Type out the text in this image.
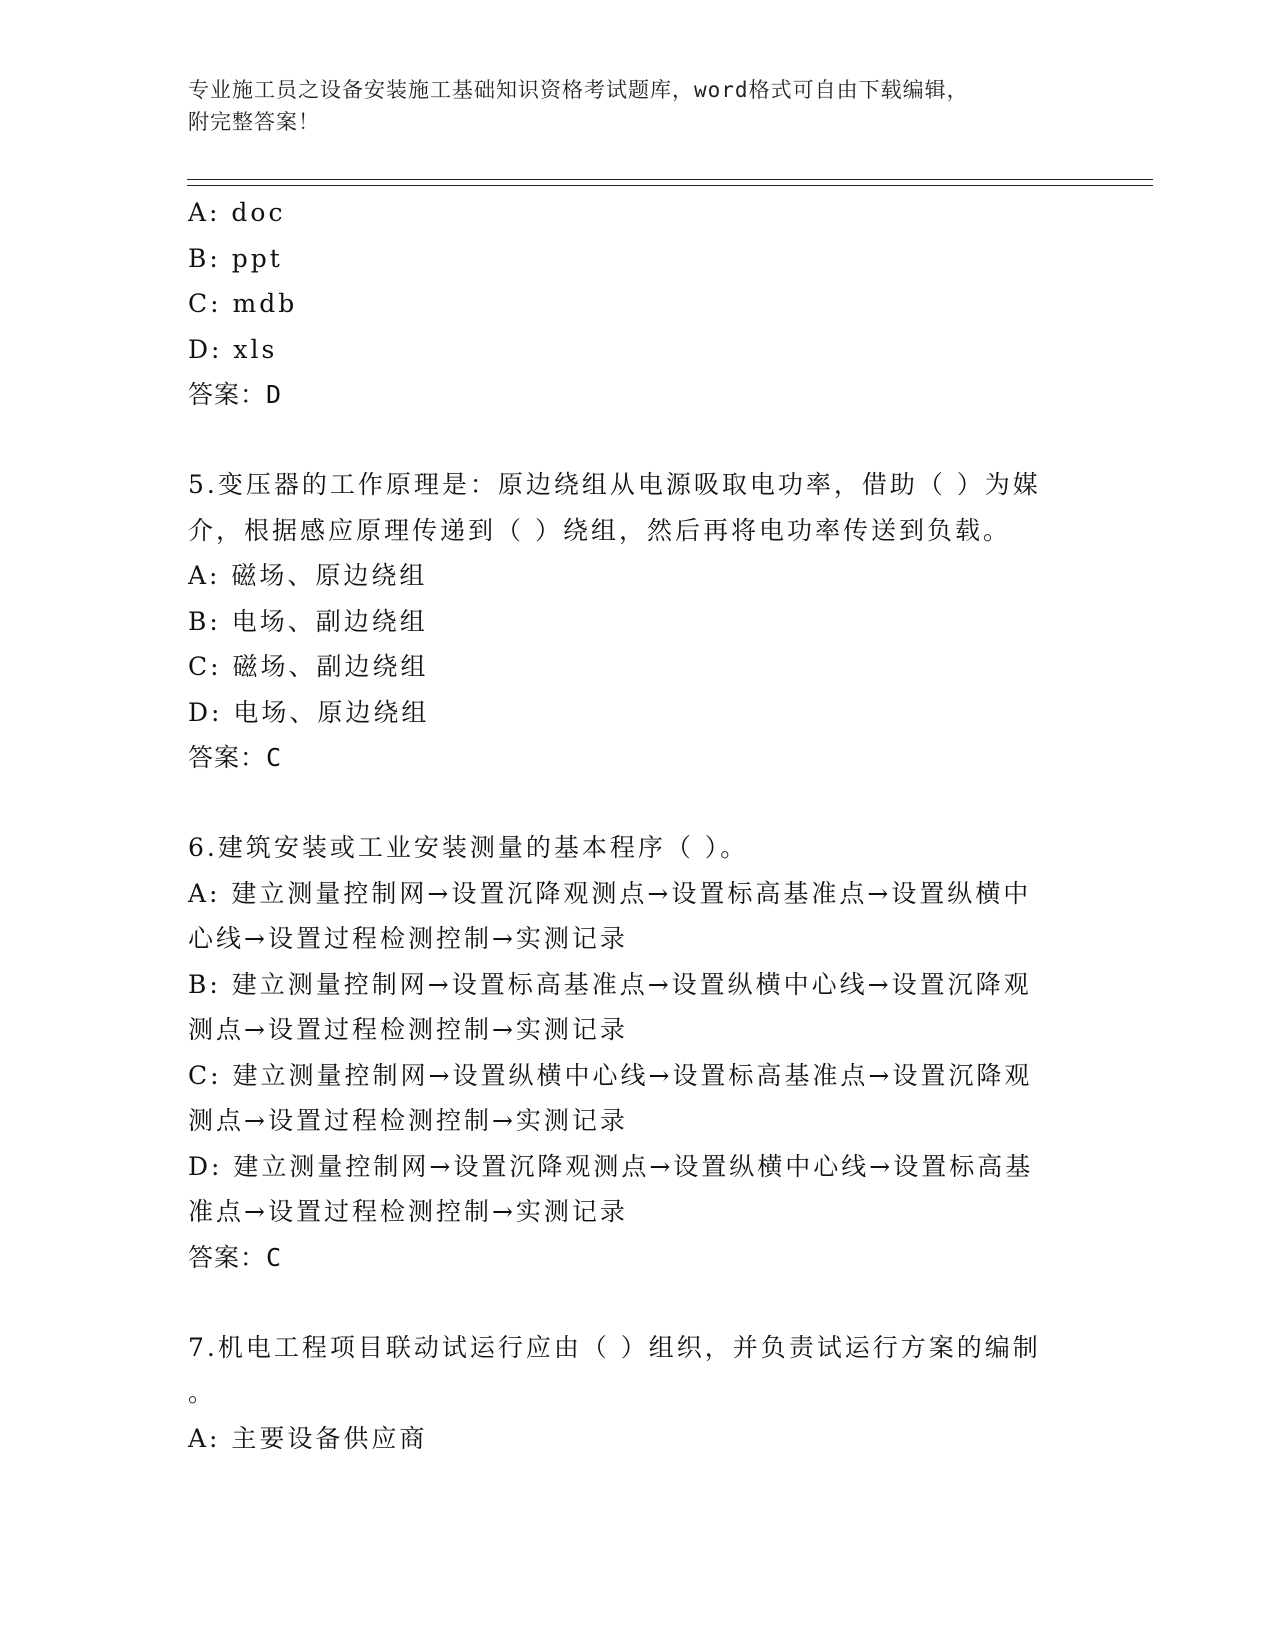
专业施工员之设备安装施工基础知识资格考试题库，word格式可自由下载编辑，
附完整答案！
A: doc
B: ppt
C: mdb
D: xls
答案：D
5.变压器的工作原理是：原边绕组从电源吸取电功率，借助（ ）为媒
介，根据感应原理传递到（ ）绕组，然后再将电功率传送到负载。
A: 磁场、原边绕组
B: 电场、副边绕组
C: 磁场、副边绕组
D: 电场、原边绕组
答案：C
6.建筑安装或工业安装测量的基本程序（ ）。
A: 建立测量控制网→设置沉降观测点→设置标高基准点→设置纵横中
心线→设置过程检测控制→实测记录
B: 建立测量控制网→设置标高基准点→设置纵横中心线→设置沉降观
测点→设置过程检测控制→实测记录
C: 建立测量控制网→设置纵横中心线→设置标高基准点→设置沉降观
测点→设置过程检测控制→实测记录
D: 建立测量控制网→设置沉降观测点→设置纵横中心线→设置标高基
准点→设置过程检测控制→实测记录
答案：C
7.机电工程项目联动试运行应由（ ）组织，并负责试运行方案的编制
。
A: 主要设备供应商
